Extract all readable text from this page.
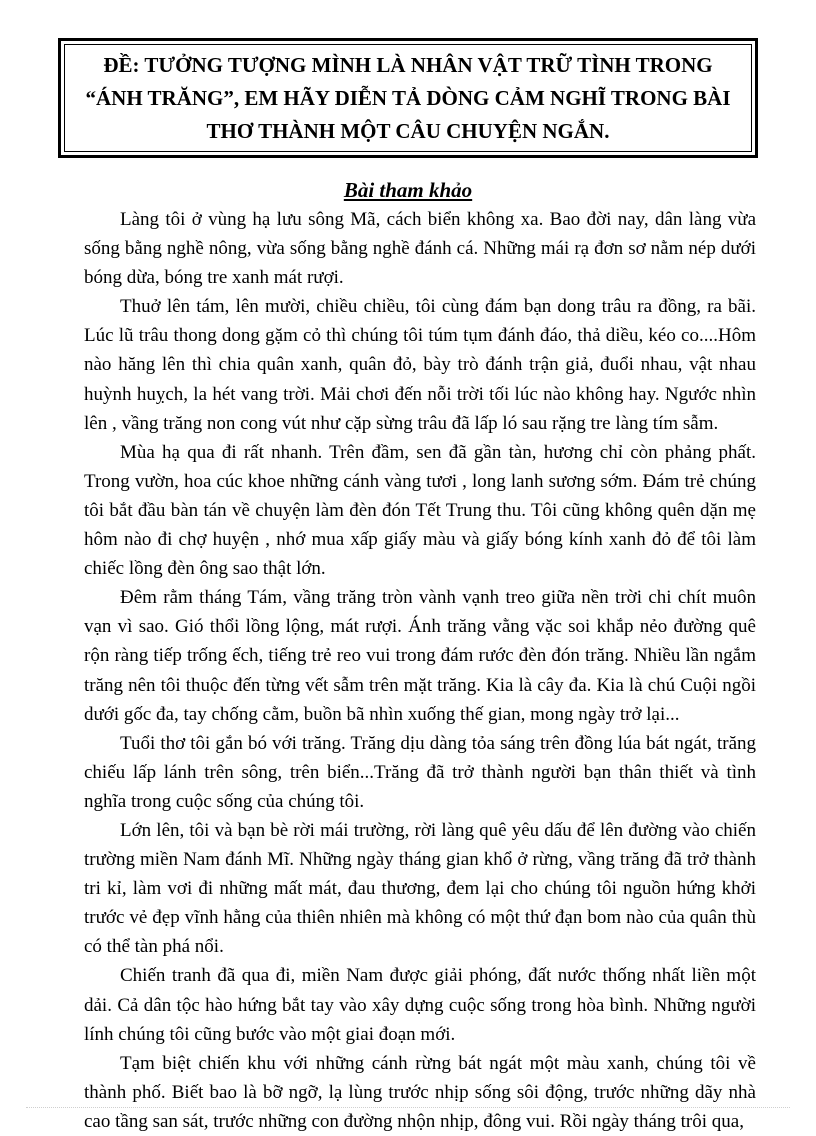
ĐỀ: TƯỞNG TƯỢNG MÌNH LÀ NHÂN VẬT TRỮ TÌNH TRONG
“ÁNH TRĂNG”, EM HÃY DIỄN TẢ DÒNG CẢM NGHĨ TRONG BÀI
THƠ THÀNH MỘT CÂU CHUYỆN NGẮN.
Bài tham khảo

Làng tôi ở vùng hạ lưu sông Mã, cách biển không xa. Bao đời nay, dân làng vừa sống bằng nghề nông, vừa sống bằng nghề đánh cá. Những mái rạ đơn sơ nằm nép dưới bóng dừa, bóng tre xanh mát rượi.

Thuở lên tám, lên mười, chiều chiều, tôi cùng đám bạn dong trâu ra đồng, ra bãi. Lúc lũ trâu thong dong gặm cỏ thì chúng tôi túm tụm đánh đáo, thả diều, kéo co....Hôm nào hăng lên thì chia quân xanh, quân đỏ, bày trò đánh trận giả, đuổi nhau, vật nhau huỳnh huỵch, la hét vang trời. Mải chơi đến nỗi trời tối lúc nào không hay. Ngước nhìn lên , vầng trăng non cong vút như cặp sừng trâu đã lấp ló sau rặng tre làng tím sẫm.

Mùa hạ qua đi rất nhanh. Trên đầm, sen đã gần tàn, hương chỉ còn phảng phất. Trong vườn, hoa cúc khoe những cánh vàng tươi , long lanh sương sớm. Đám trẻ chúng tôi bắt đầu bàn tán về chuyện làm đèn đón Tết Trung thu. Tôi cũng không quên dặn mẹ hôm nào đi chợ huyện , nhớ mua xấp giấy màu và giấy bóng kính xanh đỏ để tôi làm chiếc lồng đèn ông sao thật lớn.

Đêm rằm tháng Tám, vầng trăng tròn vành vạnh treo giữa nền trời chi chít muôn vạn vì sao. Gió thổi lồng lộng, mát rượi. Ánh trăng vằng vặc soi khắp nẻo đường quê rộn ràng tiếp trống ếch, tiếng trẻ reo vui trong đám rước đèn đón trăng. Nhiều lần ngắm trăng nên tôi thuộc đến từng vết sẫm trên mặt trăng. Kia là cây đa. Kia là chú Cuội ngồi dưới gốc đa, tay chống cằm, buồn bã nhìn xuống thế gian, mong ngày trở lại...

Tuổi thơ tôi gắn bó với trăng. Trăng dịu dàng tỏa sáng trên đồng lúa bát ngát, trăng chiếu lấp lánh trên sông, trên biển...Trăng đã trở thành người bạn thân thiết và tình nghĩa trong cuộc sống của chúng tôi.

Lớn lên, tôi và bạn bè rời mái trường, rời làng quê yêu dấu để lên đường vào chiến trường miền Nam đánh Mĩ. Những ngày tháng gian khổ ở rừng, vầng trăng đã trở thành tri kỉ, làm vơi đi những mất mát, đau thương, đem lại cho chúng tôi nguồn hứng khởi trước vẻ đẹp vĩnh hằng của thiên nhiên mà không có một thứ đạn bom nào của quân thù có thể tàn phá nổi.

Chiến tranh đã qua đi, miền Nam được giải phóng, đất nước thống nhất liền một dải. Cả dân tộc hào hứng bắt tay vào xây dựng cuộc sống trong hòa bình. Những người lính chúng tôi cũng bước vào một giai đoạn mới.

Tạm biệt chiến khu với những cánh rừng bát ngát một màu xanh, chúng tôi về thành phố. Biết bao là bỡ ngỡ, lạ lùng trước nhịp sống sôi động, trước những dãy nhà cao tầng san sát, trước những con đường nhộn nhịp, đông vui. Rồi ngày tháng trôi qua,
